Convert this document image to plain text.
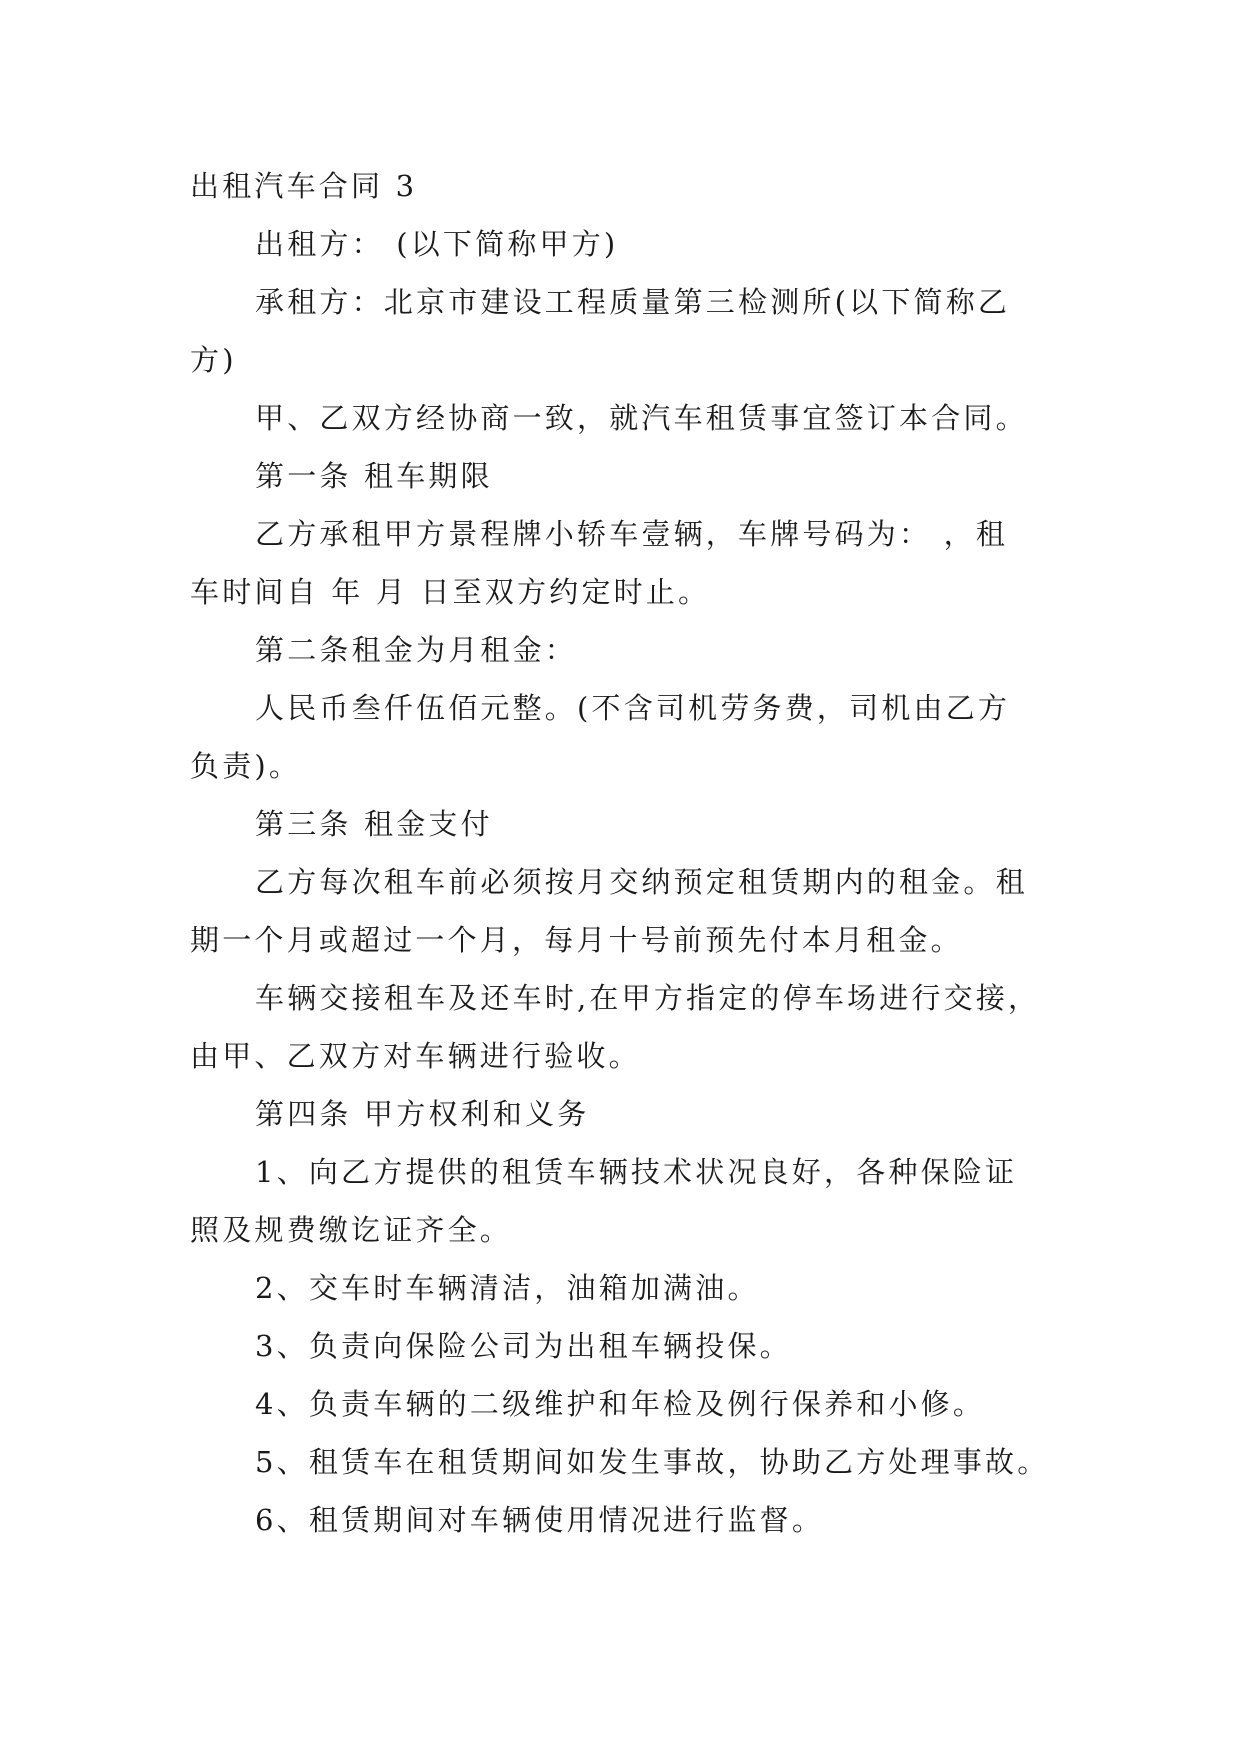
出租汽车合同 3

出租方： (以下简称甲方)

承租方：北京市建设工程质量第三检测所(以下简称乙

方)

甲、乙双方经协商一致，就汽车租赁事宜签订本合同。

第一条 租车期限

乙方承租甲方景程牌小轿车壹辆，车牌号码为： ，租

车时间自 年 月 日至双方约定时止。

第二条租金为月租金：

人民币叁仟伍佰元整。(不含司机劳务费，司机由乙方

负责)。

第三条 租金支付

乙方每次租车前必须按月交纳预定租赁期内的租金。租

期一个月或超过一个月，每月十号前预先付本月租金。

车辆交接租车及还车时,在甲方指定的停车场进行交接，

由甲、乙双方对车辆进行验收。

第四条 甲方权利和义务

1、向乙方提供的租赁车辆技术状况良好，各种保险证

照及规费缴讫证齐全。

2、交车时车辆清洁，油箱加满油。

3、负责向保险公司为出租车辆投保。

4、负责车辆的二级维护和年检及例行保养和小修。

5、租赁车在租赁期间如发生事故，协助乙方处理事故。

6、租赁期间对车辆使用情况进行监督。
